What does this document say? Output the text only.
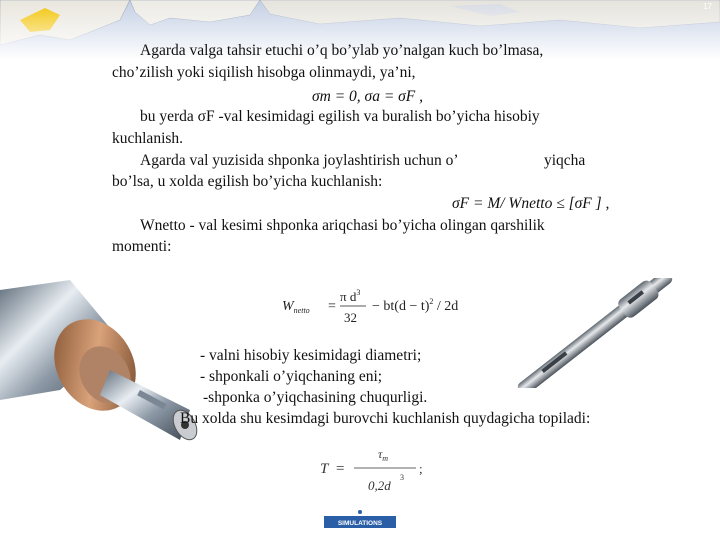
17
Agarda valga tahsir etuchi o’q bo’ylab yo’nalgan kuch bo’lmasa,
cho’zilish yoki siqilish hisobga olinmaydi, ya’ni,
σm = 0, σa = σF ,
bu yerda σF -val kesimidagi egilish va buralish bo’yicha hisobiy
kuchlanish.
Agarda val yuzisida shponka joylashtirish uchun o’	yiqcha
bo’lsa, u xolda egilish bo’yicha kuchlanish:
σF = M/ Wnetto ≤ [σF ] ,
Wnetto - val kesimi shponka ariqchasi bo’yicha olingan qarshilik
momenti:
$W_{netto}$ =
π $d^3$
32
− $bt(d - t)^2 / 2d$
- valni hisobiy kesimidagi diametri;
- shponkali o’yiqchaning eni;
-shponka o’yiqchasining chuqurligi.
Bu xolda shu kesimdagi burovchi kuchlanish quydagicha topiladi:
T =
$\tau_m$
0,2d
3
;
SIMULATIONS
